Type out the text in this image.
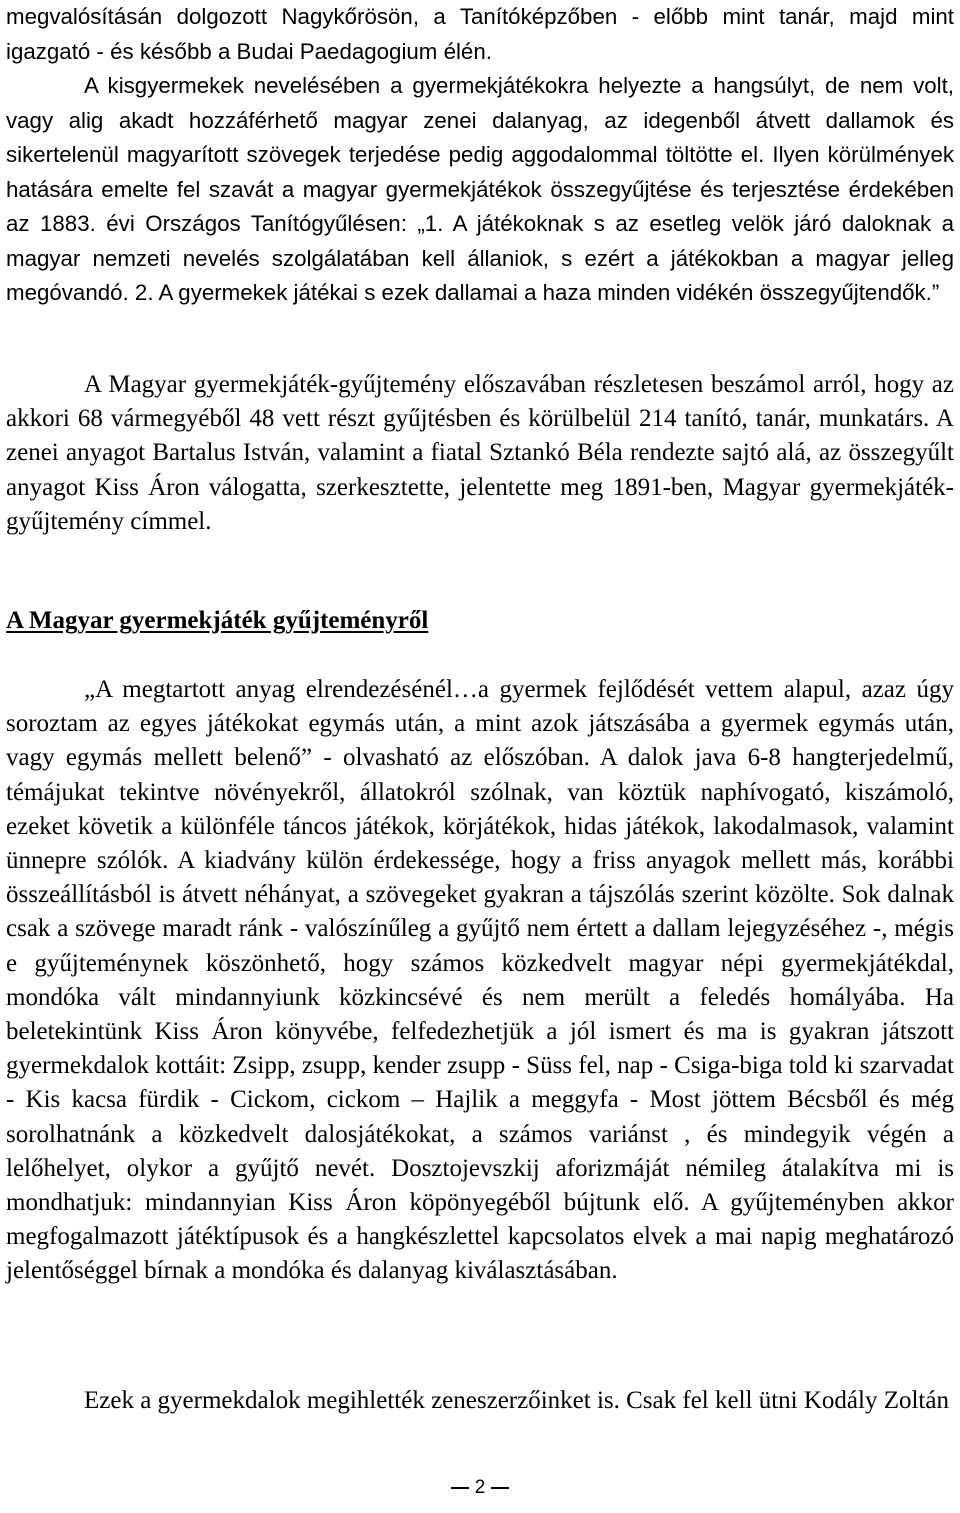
megvalósításán dolgozott Nagykőrösön, a Tanítóképzőben - előbb mint tanár, majd mint igazgató - és később a Budai Paedagogium élén.

A kisgyermekek nevelésében a gyermekjátékokra helyezte a hangsúlyt, de nem volt, vagy alig akadt hozzáférhető magyar zenei dalanyag, az idegenből átvett dallamok és sikertelenül magyarított szövegek terjedése pedig aggodalommal töltötte el. Ilyen körülmények hatására emelte fel szavát a magyar gyermekjátékok összegyűjtése és terjesztése érdekében az 1883. évi Országos Tanítógyűlésen: „1. A játékoknak s az esetleg velök járó daloknak a magyar nemzeti nevelés szolgálatában kell állaniok, s ezért a játékokban a magyar jelleg megóvandó. 2. A gyermekek játékai s ezek dallamai a haza minden vidékén összegyűjtendők.”

A Magyar gyermekjáték-gyűjtemény előszavában részletesen beszámol arról, hogy az akkori 68 vármegyéből 48 vett részt gyűjtésben és körülbelül 214 tanító, tanár, munkatárs. A zenei anyagot Bartalus István, valamint a fiatal Sztankó Béla rendezte sajtó alá, az összegyűlt anyagot Kiss Áron válogatta, szerkesztette, jelentette meg 1891-ben, Magyar gyermekjáték- gyűjtemény címmel.

A Magyar gyermekjáték gyűjteményről

„A megtartott anyag elrendezésénél…a gyermek fejlődését vettem alapul, azaz úgy soroztam az egyes játékokat egymás után, a mint azok játszásába a gyermek egymás után, vagy egymás mellett belenő” - olvasható az előszóban. A dalok java 6-8 hangterjedelmű, témájukat tekintve növényekről, állatokról szólnak, van köztük naphívogató, kiszámoló, ezeket követik a különféle táncos játékok, körjátékok, hidas játékok, lakodalmasok, valamint ünnepre szólók. A kiadvány külön érdekessége, hogy a friss anyagok mellett más, korábbi összeállításból is átvett néhányat, a szövegeket gyakran a tájszólás szerint közölte. Sok dalnak csak a szövege maradt ránk - valószínűleg a gyűjtő nem értett a dallam lejegyzéséhez -, mégis e gyűjteménynek köszönhető, hogy számos közkedvelt magyar népi gyermekjátékdal, mondóka vált mindannyiunk közkincsévé és nem merült a feledés homályába. Ha beletekintünk Kiss Áron könyvébe, felfedezhetjük a jól ismert és ma is gyakran játszott gyermekdalok kottáit: Zsipp, zsupp, kender zsupp - Süss fel, nap - Csiga-biga told ki szarvadat - Kis kacsa fürdik - Cickom, cickom – Hajlik a meggyfa - Most jöttem Bécsből és még sorolhatnánk a közkedvelt dalosjátékokat, a számos variánst , és mindegyik végén a lelőhelyet, olykor a gyűjtő nevét. Dosztojevszkij aforizmáját némileg átalakítva mi is mondhatjuk: mindannyian Kiss Áron köpönyegéből bújtunk elő. A gyűjteményben akkor megfogalmazott játéktípusok és a hangkészlettel kapcsolatos elvek a mai napig meghatározó jelentőséggel bírnak a mondóka és dalanyag kiválasztásában.

Ezek a gyermekdalok megihlették zeneszerzőinket is. Csak fel kell ütni Kodály Zoltán

2
